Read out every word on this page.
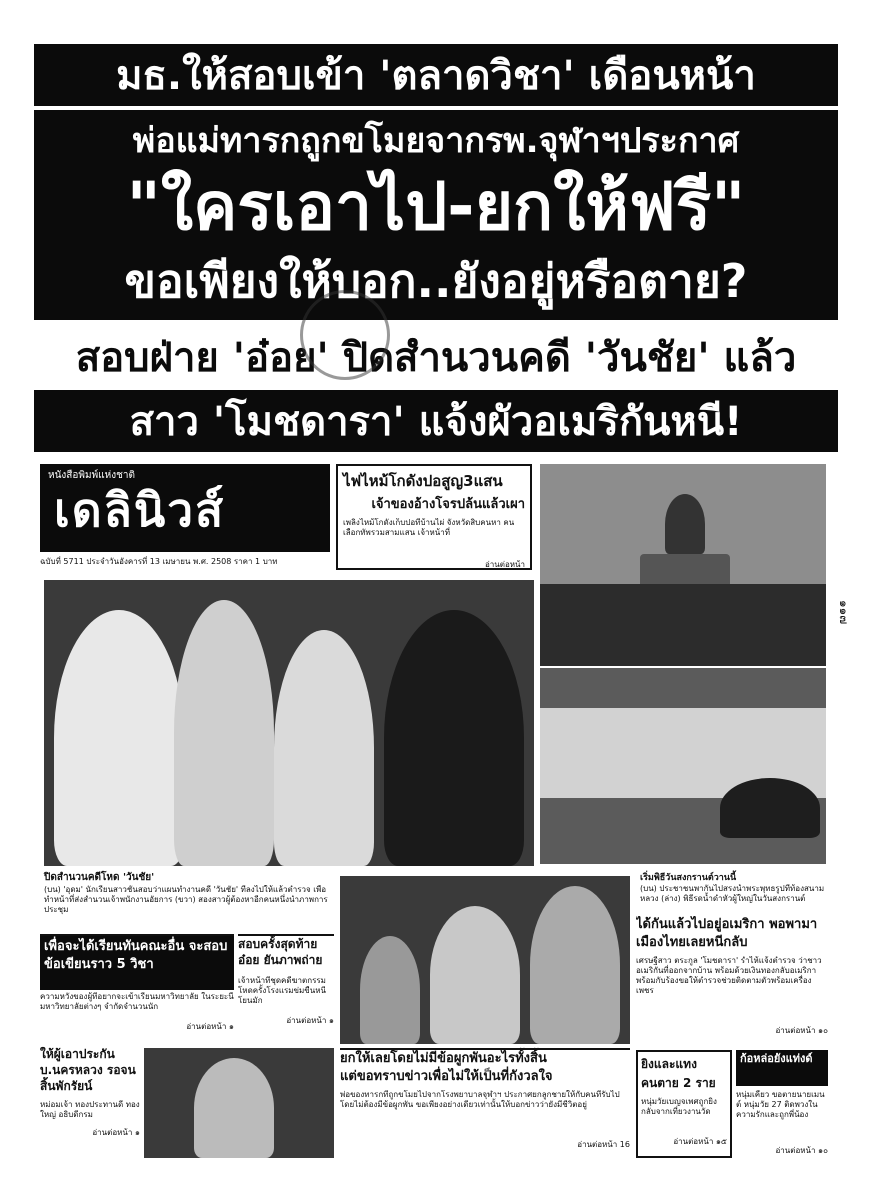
มธ.ให้สอบเข้า 'ตลาดวิชา' เดือนหน้า
พ่อแม่ทารกถูกขโมยจากรพ.จุฬาฯประกาศ
"ใครเอาไป-ยกให้ฟรี"
ขอเพียงให้บอก..ยังอยู่หรือตาย?
สอบฝ่าย 'อ๋อย' ปิดสำนวนคดี 'วันชัย' แล้ว
สาว 'โมชดารา' แจ้งผัวอเมริกันหนี!
หนังสือพิมพ์แห่งชาติ
เดลินิวส์
ฉบับที่ 5711 ประจำวันอังคารที่ 13 เมษายน พ.ศ. 2508 ราคา 1 บาท
ไฟไหม้โกดังปอสูญ3แสน
เจ้าของอ้างโจรปล้นแล้วเผา
เพลิงไหม้โกดังเก็บปอที่บ้านไผ่ จังหวัดสิบคนหา คนเลือกทัพรวมสามแสน เจ้าหน้าที่
อ่านต่อหน้า
๑๑๗
ปิดสำนวนคดีโหด 'วันชัย'
(บน) 'อุดม' นักเรียนสาวชั้นสอบว่าแผนทำงานคดี 'วันชัย' ที่ลงไปให้แล้วตำรวจ เพื่อทำหน้าที่ส่งสำนวนเจ้าพนักงานอัยการ (ขวา) สองสาวผู้ต้องหาอีกคนหนึ่งนำภาพการประชุม
เริ่มพิธีวันสงกรานต์วานนี้
(บน) ประชาชนพากันไปสรงน้ำพระพุทธรูปที่ท้องสนามหลวง (ล่าง) พิธีรดน้ำดำหัวผู้ใหญ่ในวันสงกรานต์
เพื่อจะได้เรียนทันคณะอื่น จะสอบข้อเขียนราว 5 วิชา
ความหวังของผู้ที่อยากจะเข้าเรียนมหาวิทยาลัย ในระยะนี้มหาวิทยาลัยต่างๆ จำกัดจำนวนนัก
อ่านต่อหน้า ๑
สอบครั้งสุดท้าย อ๋อย ยันภาพถ่าย
เจ้าหน้าที่ชุดคดีฆาตกรรมโหดครั้งโรงแรมข่มขืนหนีโยนมัก
อ่านต่อหน้า ๑
ให้ผู้เอาประกันบ.นครหลวง รอจนสิ้นพักรัยน์
หม่อมเจ้า ทองประทานดี ทองใหญ่ อธิบดีกรม
อ่านต่อหน้า ๑
ยกให้เลยโดยไม่มีข้อผูกพันอะไรทั้งสิ้น
แต่ขอทราบข่าวเพื่อไม่ให้เป็นที่กังวลใจ
พ่อของทารกที่ถูกขโมยไปจากโรงพยาบาลจุฬาฯ ประกาศยกลูกชายให้กับคนที่รับไป โดยไม่ต้องมีข้อผูกพัน ขอเพียงอย่างเดียวเท่านั้นให้บอกข่าวว่ายังมีชีวิตอยู่
อ่านต่อหน้า 16
ได้กันแล้วไปอยู่อเมริกา พอพามาเมืองไทยเลยหนีกลับ
เศรษฐีสาว ตระกูล 'โมชดารา' ร่ำไห้แจ้งตำรวจ ว่าชาวอเมริกันที่ออกจากบ้าน พร้อมด้วยเงินทองกลับอเมริกา พร้อมกับร้องขอให้ตำรวจช่วยติดตามตัวพร้อมเครื่องเพชร
อ่านต่อหน้า ๑๐
ยิงและแทง
คนตาย 2 ราย
หนุ่มวัยเบญจเพศถูกยิงกลับจากเที่ยวงานวัด
อ่านต่อหน้า ๑๕
ก้อหล่อยังแท่งด์
หนุ่มเคี้ยว ขอตายนายเมนต์ หนุ่มวัย 27 ติดพวงในความรักและถูกพี่น้อง
อ่านต่อหน้า ๑๐
